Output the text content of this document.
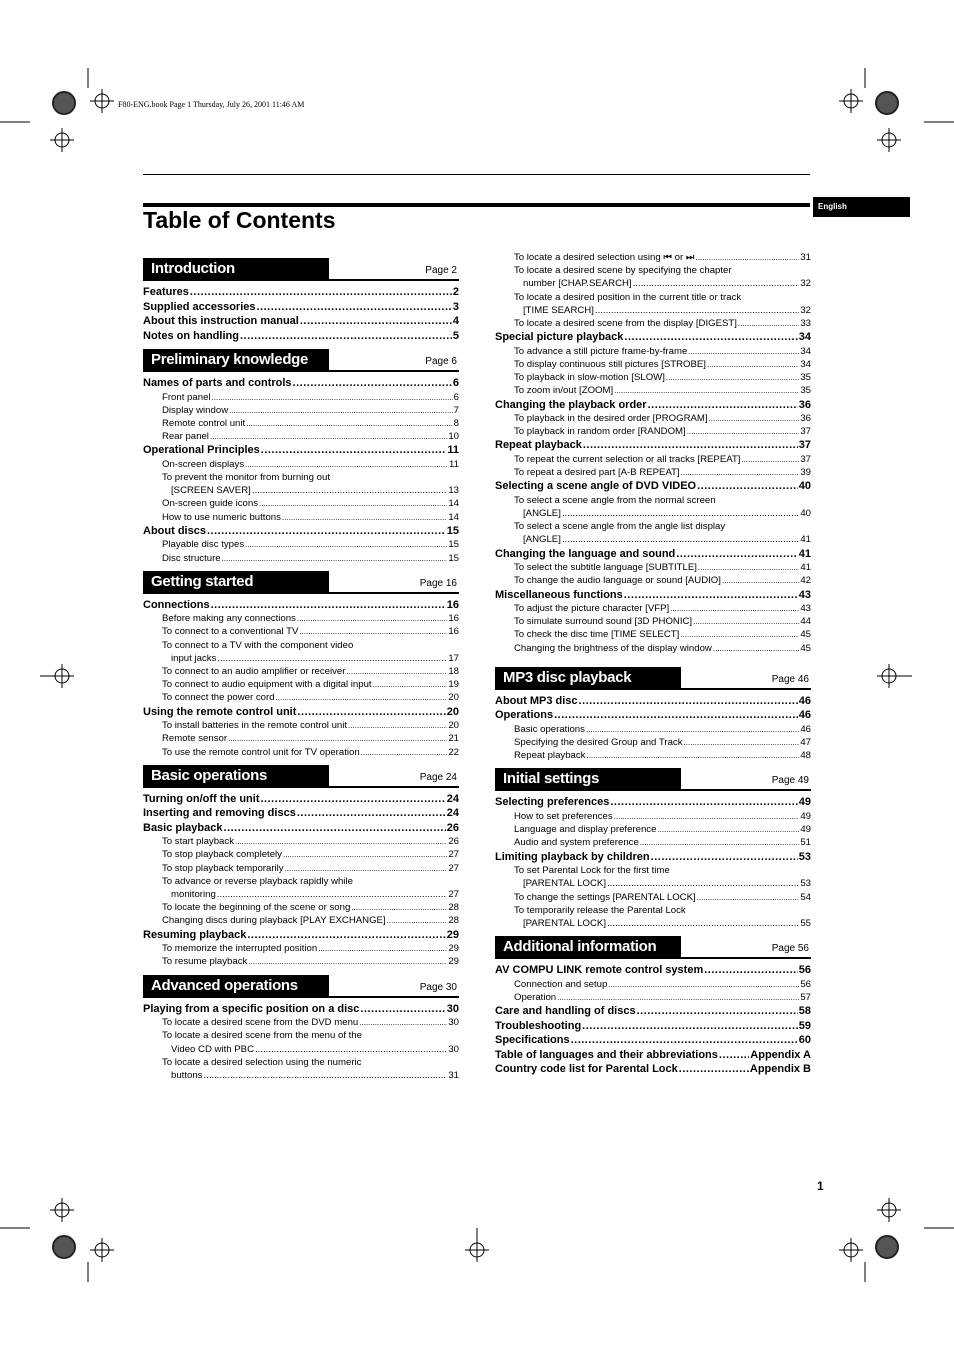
F80-ENG.book Page 1 Thursday, July 26, 2001 11:46 AM
English
Table of Contents
Introduction	Page 2
Features .....	2
Supplied accessories .....	3
About this instruction manual .....	4
Notes on handling .....	5
Preliminary knowledge	Page 6
Names of parts and controls .....	6
Front panel .....	6
Display window .....	7
Remote control unit .....	8
Rear panel .....	10
Operational Principles .....	11
On-screen displays .....	11
To prevent the monitor from burning out
[SCREEN SAVER] .....	13
On-screen guide icons .....	14
How to use numeric buttons .....	14
About discs .....	15
Playable disc types .....	15
Disc structure .....	15
Getting started	Page 16
Connections .....	16
Before making any connections .....	16
To connect to a conventional TV .....	16
To connect to a TV with the component video
input jacks .....	17
To connect to an audio amplifier or receiver .....	18
To connect to audio equipment with a digital input .....	19
To connect the power cord .....	20
Using the remote control unit .....	20
To install batteries in the remote control unit .....	20
Remote sensor .....	21
To use the remote control unit for TV operation .....	22
Basic operations	Page 24
Turning on/off the unit .....	24
Inserting and removing discs .....	24
Basic playback .....	26
To start playback .....	26
To stop playback completely .....	27
To stop playback temporarily .....	27
To advance or reverse playback rapidly while
monitoring .....	27
To locate the beginning of the scene or song .....	28
Changing discs during playback [PLAY EXCHANGE] .....	28
Resuming playback .....	29
To memorize the interrupted position .....	29
To resume playback .....	29
Advanced operations	Page 30
Playing from a specific position on a disc .....	30
To locate a desired scene from the DVD menu .....	30
To locate a desired scene from the menu of the
Video CD with PBC .....	30
To locate a desired selection using the numeric
buttons .....	31
To locate a desired selection using ⏮ or ⏭ .....	31
To locate a desired scene by specifying the chapter
number [CHAP.SEARCH] .....	32
To locate a desired position in the current title or track
[TIME SEARCH] .....	32
To locate a desired scene from the display [DIGEST] .....	33
Special picture playback .....	34
To advance a still picture frame-by-frame .....	34
To display continuous still pictures [STROBE] .....	34
To playback in slow-motion [SLOW] .....	35
To zoom in/out [ZOOM] .....	35
Changing the playback order .....	36
To playback in the desired order [PROGRAM] .....	36
To playback in random order [RANDOM] .....	37
Repeat playback .....	37
To repeat the current selection or all tracks [REPEAT] .....	37
To repeat a desired part [A-B REPEAT] .....	39
Selecting a scene angle of DVD VIDEO .....	40
To select a scene angle from the normal screen
[ANGLE] .....	40
To select a scene angle from the angle list display
[ANGLE] .....	41
Changing the language and sound .....	41
To select the subtitle language [SUBTITLE] .....	41
To change the audio language or sound [AUDIO] .....	42
Miscellaneous functions .....	43
To adjust the picture character [VFP] .....	43
To simulate surround sound [3D PHONIC] .....	44
To check the disc time [TIME SELECT] .....	45
Changing the brightness of the display window .....	45
MP3 disc playback	Page 46
About MP3 disc .....	46
Operations .....	46
Basic operations .....	46
Specifying the desired Group and Track .....	47
Repeat playback .....	48
Initial settings	Page 49
Selecting preferences .....	49
How to set preferences .....	49
Language and display preference .....	49
Audio and system preference .....	51
Limiting playback by children .....	53
To set Parental Lock for the first time
[PARENTAL LOCK] .....	53
To change the settings [PARENTAL LOCK] .....	54
To temporarily release the Parental Lock
[PARENTAL LOCK] .....	55
Additional information	Page 56
AV COMPU LINK remote control system .....	56
Connection and setup .....	56
Operation .....	57
Care and handling of discs .....	58
Troubleshooting .....	59
Specifications .....	60
Table of languages and their abbreviations .....	Appendix A
Country code list for Parental Lock .....	Appendix B
1
